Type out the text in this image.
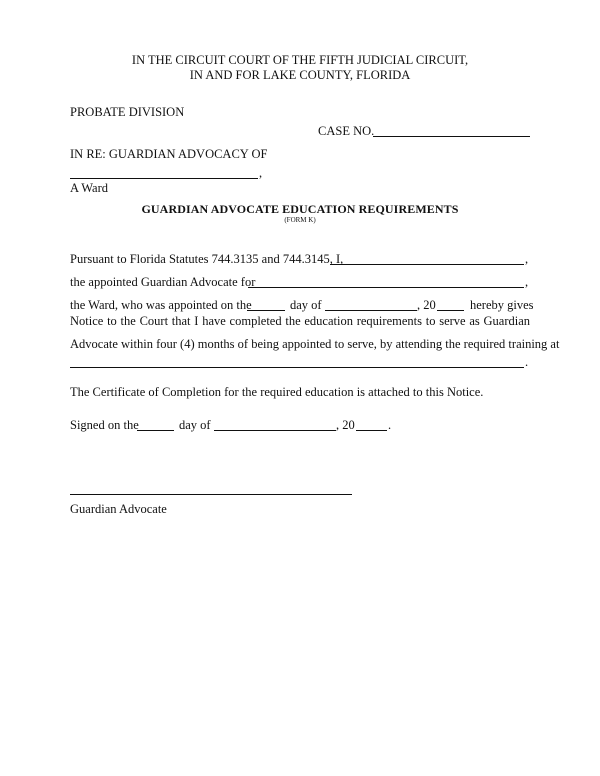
IN THE CIRCUIT COURT OF THE FIFTH JUDICIAL CIRCUIT,
IN AND FOR LAKE COUNTY, FLORIDA
PROBATE DIVISION
CASE NO.
IN RE: GUARDIAN ADVOCACY OF
,
A Ward
GUARDIAN ADVOCATE EDUCATION REQUIREMENTS
(FORM K)
Pursuant to Florida Statutes 744.3135 and 744.3145, I,	,
the appointed Guardian Advocate for	,
the Ward, who was appointed on the	day of	, 20	hereby gives
Notice to the Court that I have completed the education requirements to serve as Guardian
Advocate within four (4) months of being appointed to serve, by attending the required training at
.
The Certificate of Completion for the required education is attached to this Notice.
Signed on the	day of	, 20	.
Guardian Advocate
